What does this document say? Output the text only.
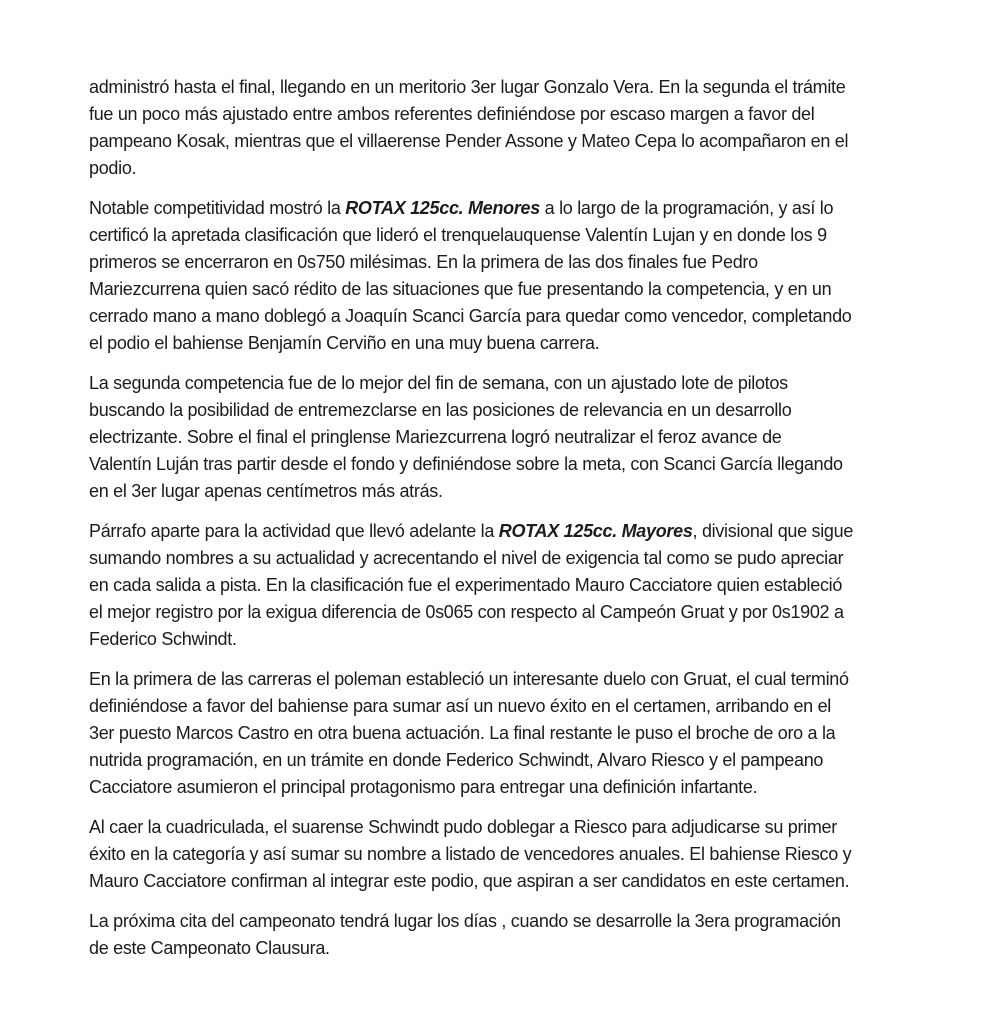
administró hasta el final, llegando en un meritorio 3er lugar Gonzalo Vera. En la segunda el trámite
fue un poco más ajustado entre ambos referentes definiéndose por escaso margen a favor del
pampeano Kosak, mientras que el villaerense Pender Assone y Mateo Cepa lo acompañaron en el
podio.
Notable competitividad mostró la ROTAX 125cc. Menores a lo largo de la programación, y así lo
certificó la apretada clasificación que lideró el trenquelauquense Valentín Lujan y en donde los 9
primeros se encerraron en 0s750 milésimas. En la primera de las dos finales fue Pedro
Mariezcurrena quien sacó rédito de las situaciones que fue presentando la competencia, y en un
cerrado mano a mano doblegó a Joaquín Scanci García para quedar como vencedor, completando
el podio el bahiense Benjamín Cerviño en una muy buena carrera.
La segunda competencia fue de lo mejor del fin de semana, con un ajustado lote de pilotos
buscando la posibilidad de entremezclarse en las posiciones de relevancia en un desarrollo
electrizante. Sobre el final el pringlense Mariezcurrena logró neutralizar el feroz avance de
Valentín Luján tras partir desde el fondo y definiéndose sobre la meta, con Scanci García llegando
en el 3er lugar apenas centímetros más atrás.
Párrafo aparte para la actividad que llevó adelante la ROTAX 125cc. Mayores, divisional que sigue
sumando nombres a su actualidad y acrecentando el nivel de exigencia tal como se pudo apreciar
en cada salida a pista. En la clasificación fue el experimentado Mauro Cacciatore quien estableció
el mejor registro por la exigua diferencia de 0s065 con respecto al Campeón Gruat y por 0s1902 a
Federico Schwindt.
En la primera de las carreras el poleman estableció un interesante duelo con Gruat, el cual terminó
definiéndose a favor del bahiense para sumar así un nuevo éxito en el certamen, arribando en el
3er puesto Marcos Castro en otra buena actuación. La final restante le puso el broche de oro a la
nutrida programación, en un trámite en donde Federico Schwindt, Alvaro Riesco y el pampeano
Cacciatore asumieron el principal protagonismo para entregar una definición infartante.
Al caer la cuadriculada, el suarense Schwindt pudo doblegar a Riesco para adjudicarse su primer
éxito en la categoría y así sumar su nombre a listado de vencedores anuales. El bahiense Riesco y
Mauro Cacciatore confirman al integrar este podio, que aspiran a ser candidatos en este certamen.
La próxima cita del campeonato tendrá lugar los días , cuando se desarrolle la 3era programación
de este Campeonato Clausura.
